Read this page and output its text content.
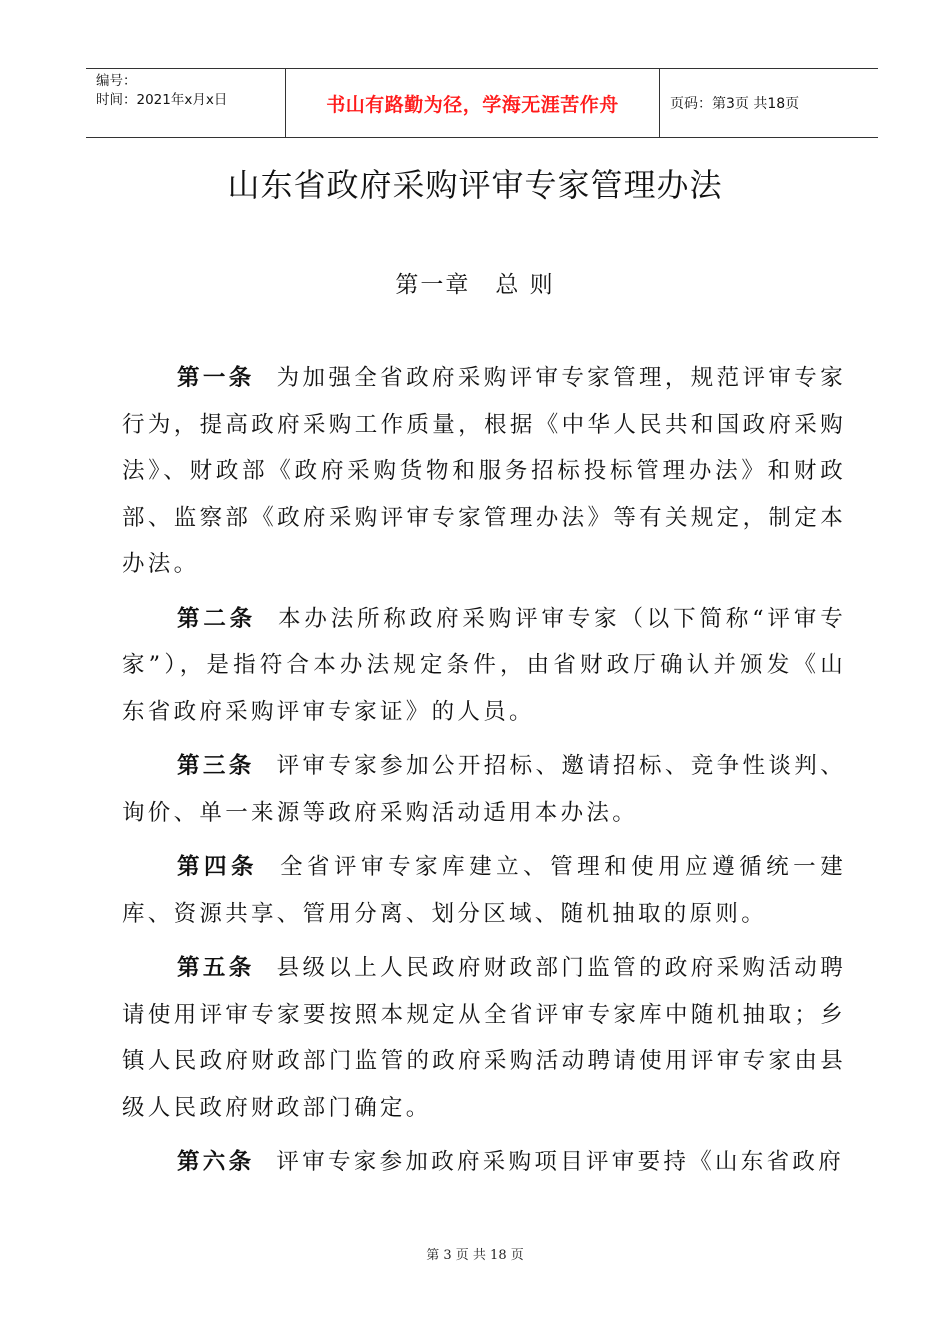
编号：
时间：2021年x月x日	书山有路勤为径，学海无涯苦作舟	页码：第3页 共18页
山东省政府采购评审专家管理办法
第一章　总 则

第一条 为加强全省政府采购评审专家管理，规范评审专家行为，提高政府采购工作质量，根据《中华人民共和国政府采购法》、财政部《政府采购货物和服务招标投标管理办法》和财政部、监察部《政府采购评审专家管理办法》等有关规定，制定本办法。

第二条 本办法所称政府采购评审专家（以下简称“评审专家”），是指符合本办法规定条件，由省财政厅确认并颁发《山东省政府采购评审专家证》的人员。

第三条 评审专家参加公开招标、邀请招标、竞争性谈判、询价、单一来源等政府采购活动适用本办法。

第四条 全省评审专家库建立、管理和使用应遵循统一建库、资源共享、管用分离、划分区域、随机抽取的原则。

第五条 县级以上人民政府财政部门监管的政府采购活动聘请使用评审专家要按照本规定从全省评审专家库中随机抽取；乡镇人民政府财政部门监管的政府采购活动聘请使用评审专家由县级人民政府财政部门确定。

第六条 评审专家参加政府采购项目评审要持《山东省政府

第 3 页 共 18 页
